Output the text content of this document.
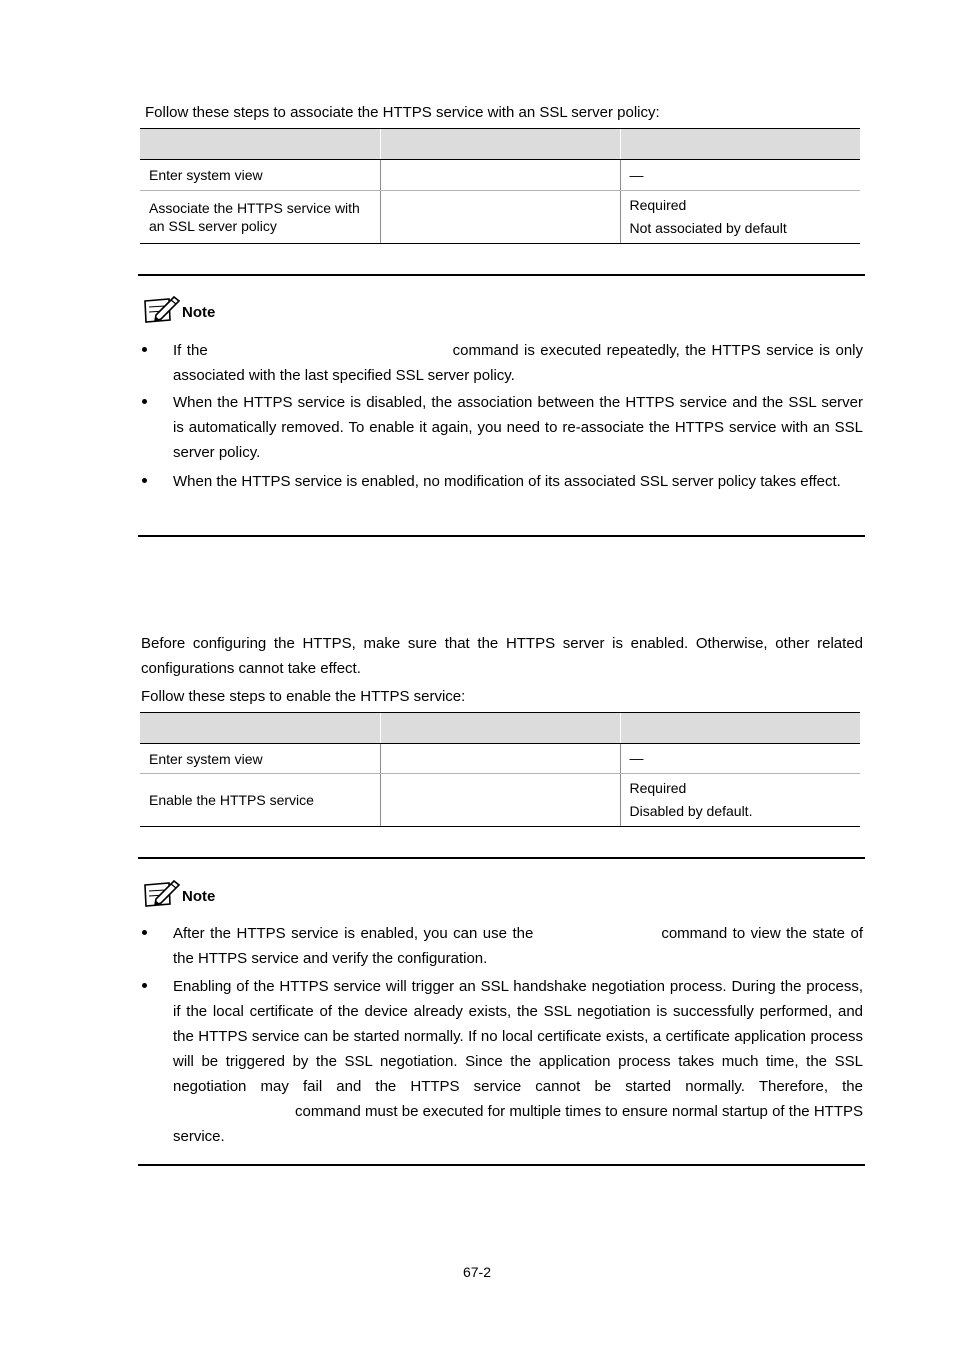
Follow these steps to associate the HTTPS service with an SSL server policy:

Enter system view		—

Associate the HTTPS service with an SSL server policy		Required
Not associated by default
Note
If the	command is executed repeatedly, the HTTPS service is only associated with the last specified SSL server policy.
When the HTTPS service is disabled, the association between the HTTPS service and the SSL server is automatically removed. To enable it again, you need to re-associate the HTTPS service with an SSL server policy.
When the HTTPS service is enabled, no modification of its associated SSL server policy takes effect.
Before configuring the HTTPS, make sure that the HTTPS server is enabled. Otherwise, other related configurations cannot take effect.
Follow these steps to enable the HTTPS service:

Enter system view		—

Enable the HTTPS service		Required
Disabled by default.
Note
After the HTTPS service is enabled, you can use the	command to view the state of the HTTPS service and verify the configuration.
Enabling of the HTTPS service will trigger an SSL handshake negotiation process. During the process, if the local certificate of the device already exists, the SSL negotiation is successfully performed, and the HTTPS service can be started normally. If no local certificate exists, a certificate application process will be triggered by the SSL negotiation. Since the application process takes much time, the SSL negotiation may fail and the HTTPS service cannot be started normally. Therefore, thecommand must be executed for multiple times to ensure normal startup of the HTTPS service.
67-2
